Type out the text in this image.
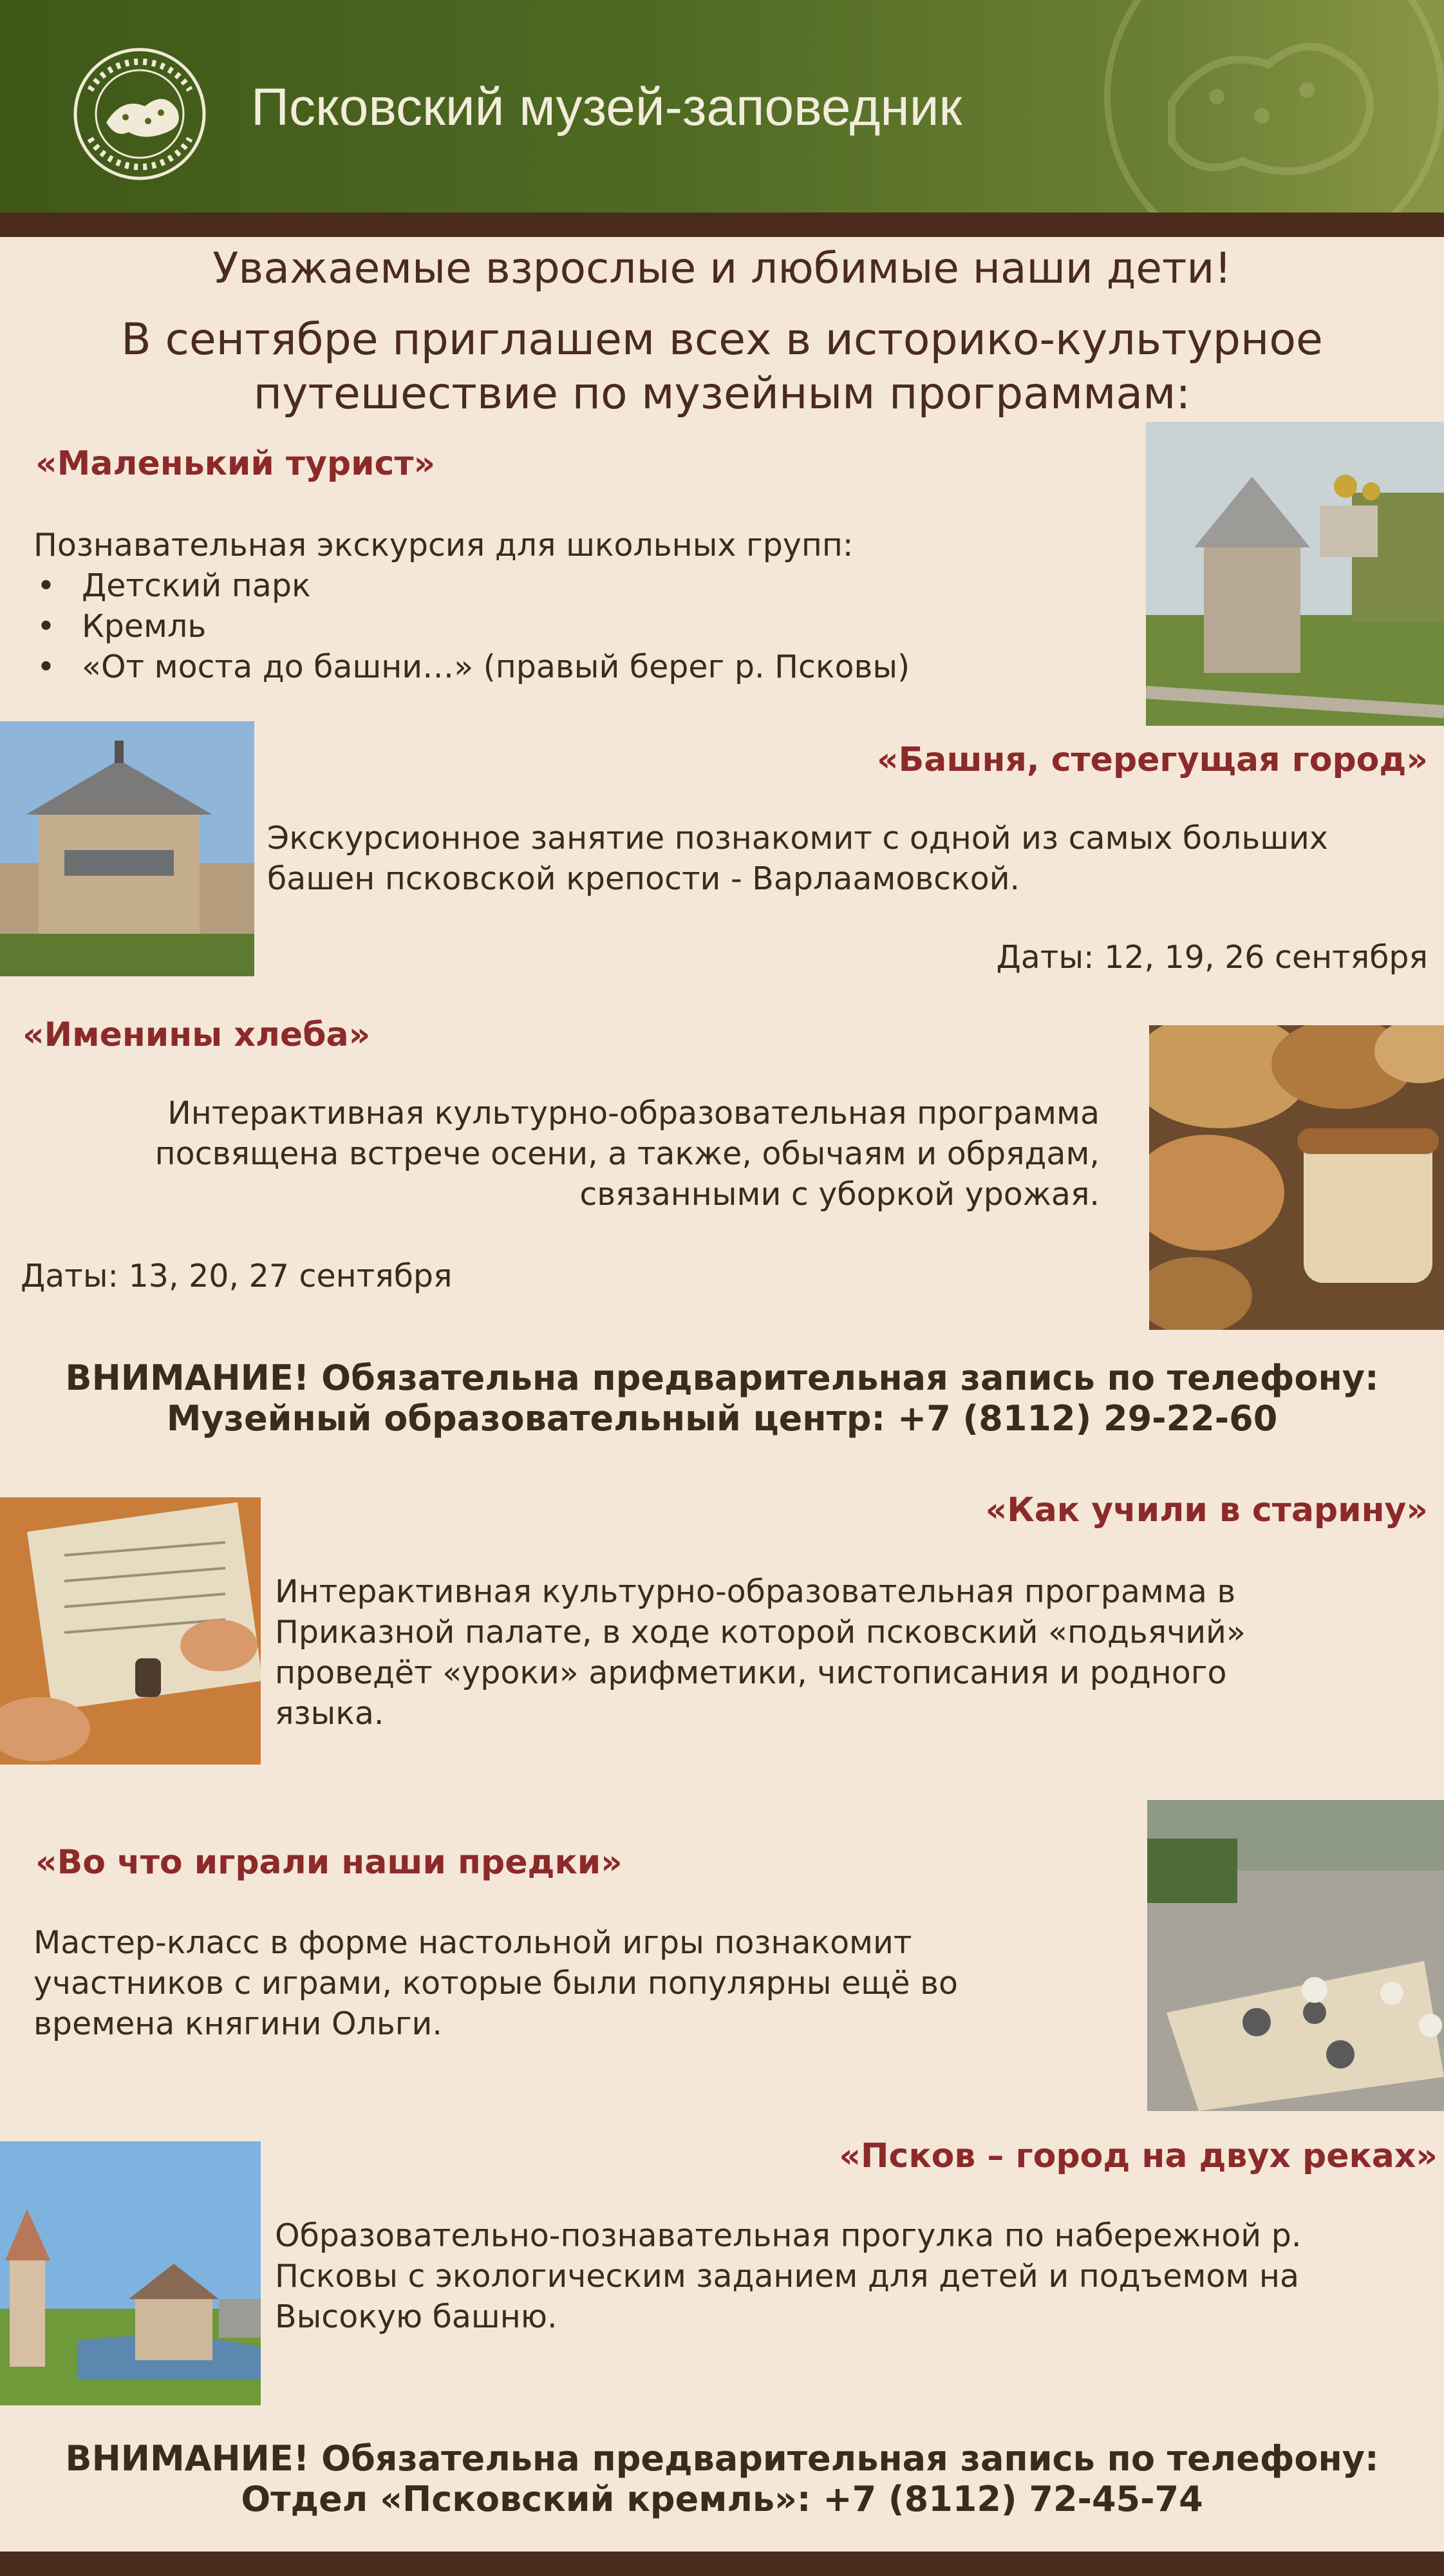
Псковский музей-заповедник
Уважаемые взрослые и любимые наши дети!
В сентябре приглашем всех в историко-культурное
путешествие по музейным программам:
«Маленький турист»
Познавательная экскурсия для школьных групп:
• Детский парк
• Кремль
• «От моста до башни…» (правый берег р. Псковы)
«Башня, стерегущая город»
Экскурсионное занятие познакомит с одной из самых больших
башен псковской крепости - Варлаамовской.
Даты: 12, 19, 26 сентября
«Именины хлеба»
Интерактивная культурно-образовательная программа
посвящена встрече осени, а также, обычаям и обрядам,
связанными с уборкой урожая.
Даты: 13, 20, 27 сентября
ВНИМАНИЕ! Обязательна предварительная запись по телефону:
Музейный образовательный центр: +7 (8112) 29-22-60
«Как учили в старину»
Интерактивная культурно-образовательная программа в
Приказной палате, в ходе которой псковский «подьячий»
проведёт «уроки» арифметики, чистописания и родного
языка.
«Во что играли наши предки»
Мастер-класс в форме настольной игры познакомит
участников с играми, которые были популярны ещё во
времена княгини Ольги.
«Псков – город на двух реках»
Образовательно-познавательная прогулка по набережной р.
Псковы с экологическим заданием для детей и подъемом на
Высокую башню.
ВНИМАНИЕ! Обязательна предварительная запись по телефону:
Отдел «Псковский кремль»: +7 (8112) 72-45-74
